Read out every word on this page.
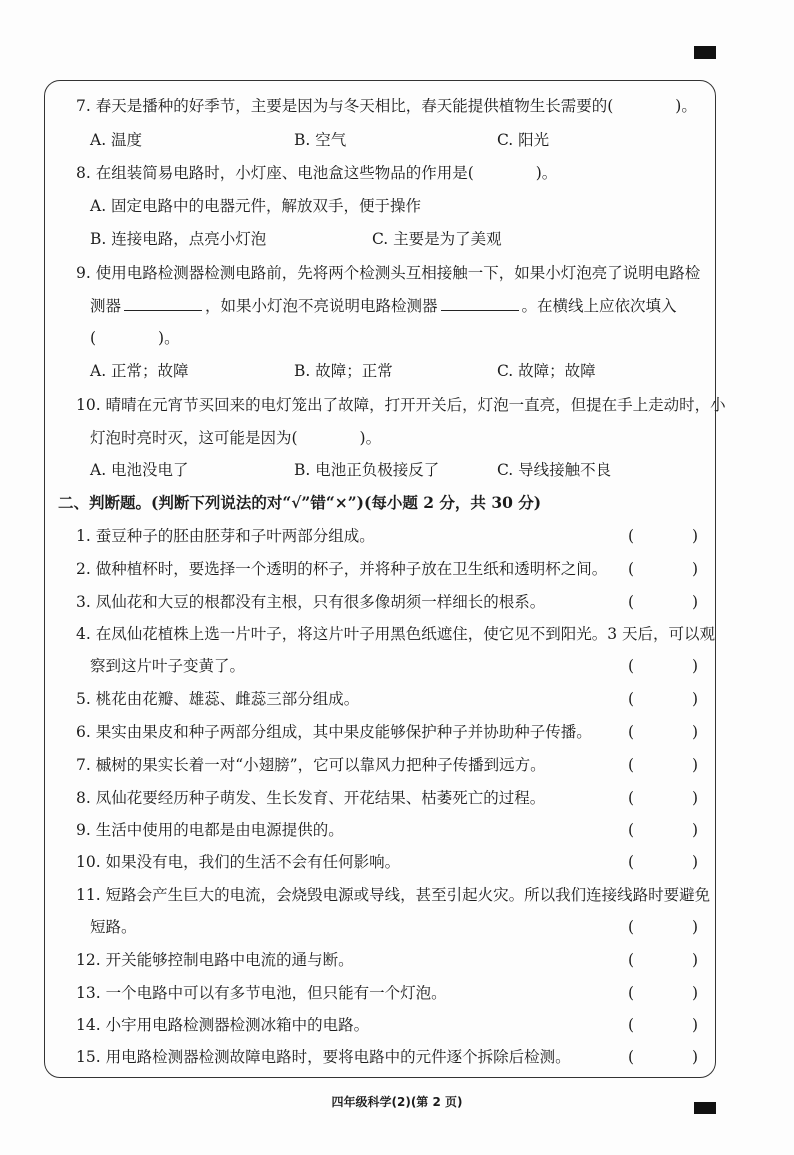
7. 春天是播种的好季节，主要是因为与冬天相比，春天能提供植物生长需要的(　　　　)。
A. 温度	B. 空气	C. 阳光
8. 在组装简易电路时，小灯座、电池盒这些物品的作用是(　　　　)。
A. 固定电路中的电器元件，解放双手，便于操作
B. 连接电路，点亮小灯泡	C. 主要是为了美观
9. 使用电路检测器检测电路前，先将两个检测头互相接触一下，如果小灯泡亮了说明电路检
测器	，如果小灯泡不亮说明电路检测器	。在横线上应依次填入
(　　　　)。
A. 正常；故障	B. 故障；正常	C. 故障；故障
10. 晴晴在元宵节买回来的电灯笼出了故障，打开开关后，灯泡一直亮，但提在手上走动时，小
灯泡时亮时灭，这可能是因为(　　　　)。
A. 电池没电了	B. 电池正负极接反了	C. 导线接触不良
二、判断题。(判断下列说法的对“√”错“×”)(每小题 2 分，共 30 分)
1. 蚕豆种子的胚由胚芽和子叶两部分组成。	(	)
2. 做种植杯时，要选择一个透明的杯子，并将种子放在卫生纸和透明杯之间。 (	)
3. 凤仙花和大豆的根都没有主根，只有很多像胡须一样细长的根系。	(	)
4. 在凤仙花植株上选一片叶子，将这片叶子用黑色纸遮住，使它见不到阳光。3 天后，可以观
察到这片叶子变黄了。	(	)
5. 桃花由花瓣、雄蕊、雌蕊三部分组成。	(	)
6. 果实由果皮和种子两部分组成，其中果皮能够保护种子并协助种子传播。 (	)
7. 槭树的果实长着一对“小翅膀”，它可以靠风力把种子传播到远方。	(	)
8. 凤仙花要经历种子萌发、生长发育、开花结果、枯萎死亡的过程。	(	)
9. 生活中使用的电都是由电源提供的。	(	)
10. 如果没有电，我们的生活不会有任何影响。	(	)
11. 短路会产生巨大的电流，会烧毁电源或导线，甚至引起火灾。所以我们连接线路时要避免
短路。	(	)
12. 开关能够控制电路中电流的通与断。	(	)
13. 一个电路中可以有多节电池，但只能有一个灯泡。	(	)
14. 小宇用电路检测器检测冰箱中的电路。	(	)
15. 用电路检测器检测故障电路时，要将电路中的元件逐个拆除后检测。	(	)
四年级科学(2)(第 2 页)
